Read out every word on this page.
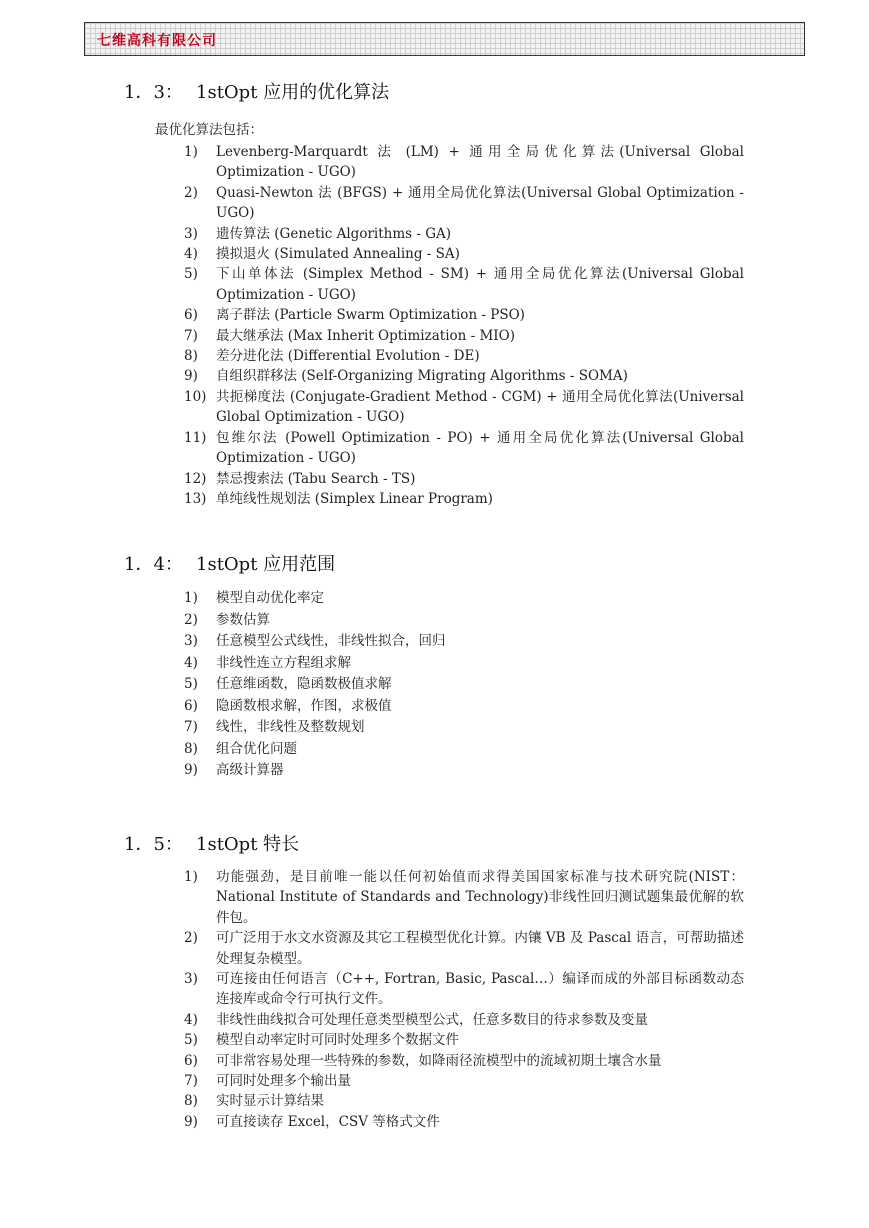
七维高科有限公司
1．3： 1stOpt 应用的优化算法
最优化算法包括：
1) Levenberg-Marquardt 法 (LM) + 通用全局优化算法(Universal Global Optimization - UGO)
2) Quasi-Newton 法 (BFGS) + 通用全局优化算法(Universal Global Optimization - UGO)
3) 遗传算法 (Genetic Algorithms - GA)
4) 摸拟退火 (Simulated Annealing - SA)
5) 下山单体法 (Simplex Method - SM) + 通用全局优化算法(Universal Global Optimization - UGO)
6) 离子群法 (Particle Swarm Optimization - PSO)
7) 最大继承法 (Max Inherit Optimization - MIO)
8) 差分进化法 (Differential Evolution - DE)
9) 自组织群移法 (Self-Organizing Migrating Algorithms - SOMA)
10) 共扼梯度法 (Conjugate-Gradient Method - CGM) + 通用全局优化算法(Universal Global Optimization - UGO)
11) 包维尔法 (Powell Optimization - PO) + 通用全局优化算法(Universal Global Optimization - UGO)
12) 禁忌搜索法 (Tabu Search - TS)
13) 单纯线性规划法 (Simplex Linear Program)
1．4： 1stOpt 应用范围
1) 模型自动优化率定
2) 参数估算
3) 任意模型公式线性，非线性拟合，回归
4) 非线性连立方程组求解
5) 任意维函数，隐函数极值求解
6) 隐函数根求解，作图，求极值
7) 线性，非线性及整数规划
8) 组合优化问题
9) 高级计算器
1．5： 1stOpt 特长
1) 功能强劲，是目前唯一能以任何初始值而求得美国国家标准与技术研究院(NIST：National Institute of Standards and Technology)非线性回归测试题集最优解的软件包。
2) 可广泛用于水文水资源及其它工程模型优化计算。内镶 VB 及 Pascal 语言，可帮助描述处理复杂模型。
3) 可连接由任何语言（C++, Fortran, Basic, Pascal…）编译而成的外部目标函数动态连接库或命令行可执行文件。
4) 非线性曲线拟合可处理任意类型模型公式，任意多数目的待求参数及变量
5) 模型自动率定时可同时处理多个数据文件
6) 可非常容易处理一些特殊的参数，如降雨径流模型中的流域初期土壤含水量
7) 可同时处理多个输出量
8) 实时显示计算结果
9) 可直接读存 Excel，CSV 等格式文件
